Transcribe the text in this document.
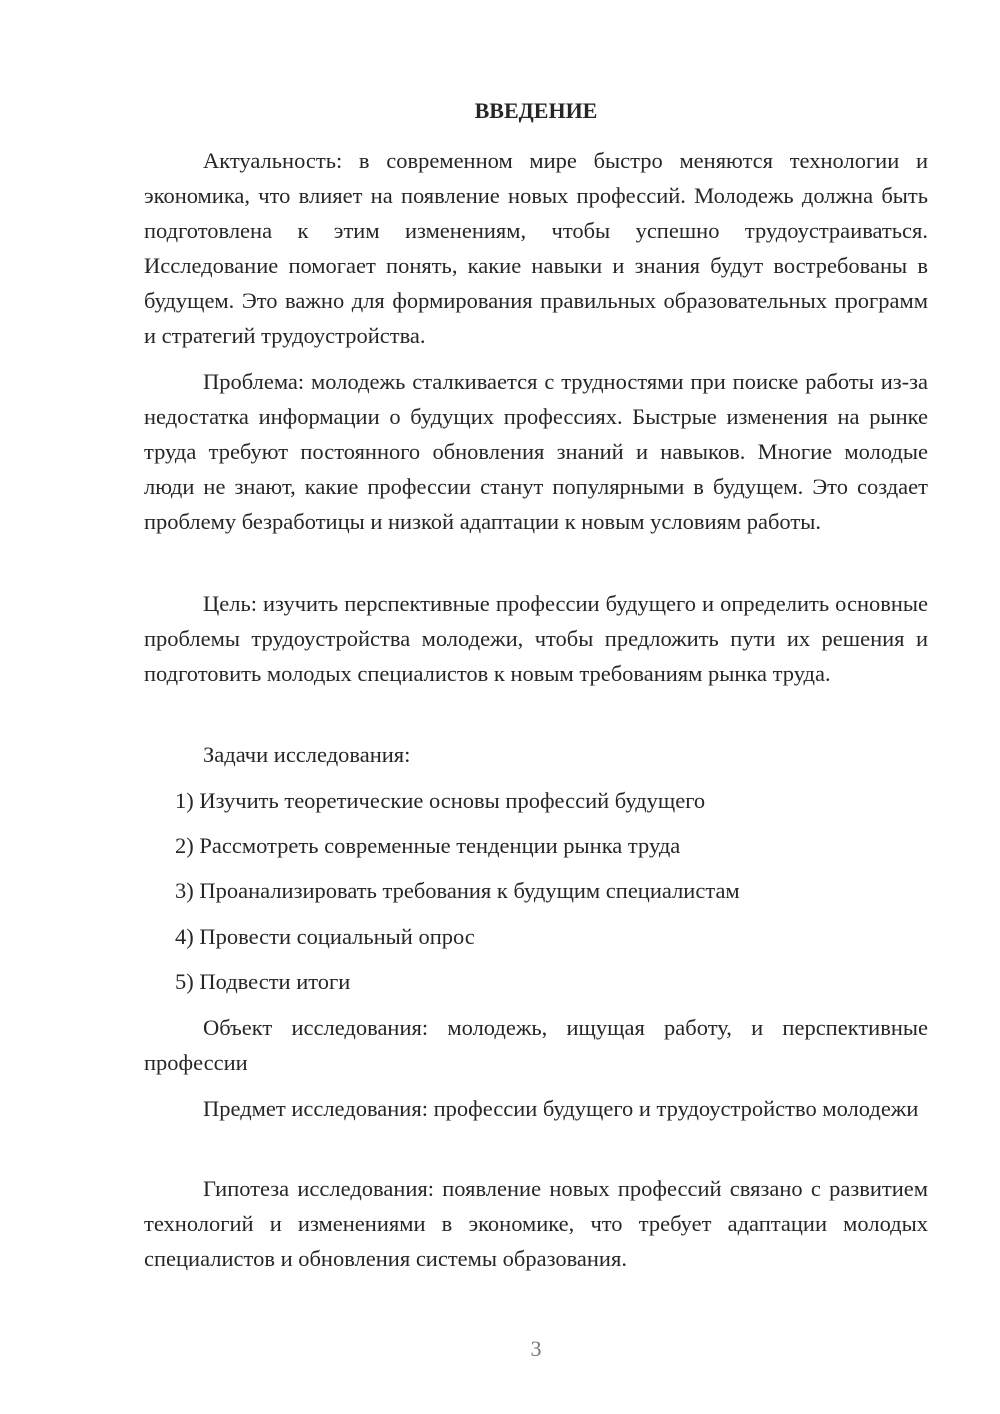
ВВЕДЕНИЕ

Актуальность: в современном мире быстро меняются технологии и экономика, что влияет на появление новых профессий. Молодежь должна быть подготовлена к этим изменениям, чтобы успешно трудоустраиваться. Исследование помогает понять, какие навыки и знания будут востребованы в будущем. Это важно для формирования правильных образовательных программ и стратегий трудоустройства.

Проблема: молодежь сталкивается с трудностями при поиске работы из-за недостатка информации о будущих профессиях. Быстрые изменения на рынке труда требуют постоянного обновления знаний и навыков. Многие молодые люди не знают, какие профессии станут популярными в будущем. Это создает проблему безработицы и низкой адаптации к новым условиям работы.

Цель: изучить перспективные профессии будущего и определить основные проблемы трудоустройства молодежи, чтобы предложить пути их решения и подготовить молодых специалистов к новым требованиям рынка труда.

Задачи исследования:

1) Изучить теоретические основы профессий будущего

2) Рассмотреть современные тенденции рынка труда

3) Проанализировать требования к будущим специалистам

4) Провести социальный опрос

5) Подвести итоги

Объект исследования: молодежь, ищущая работу, и перспективные профессии

Предмет исследования: профессии будущего и трудоустройство молодежи

Гипотеза исследования: появление новых профессий связано с развитием технологий и изменениями в экономике, что требует адаптации молодых специалистов и обновления системы образования.

3
